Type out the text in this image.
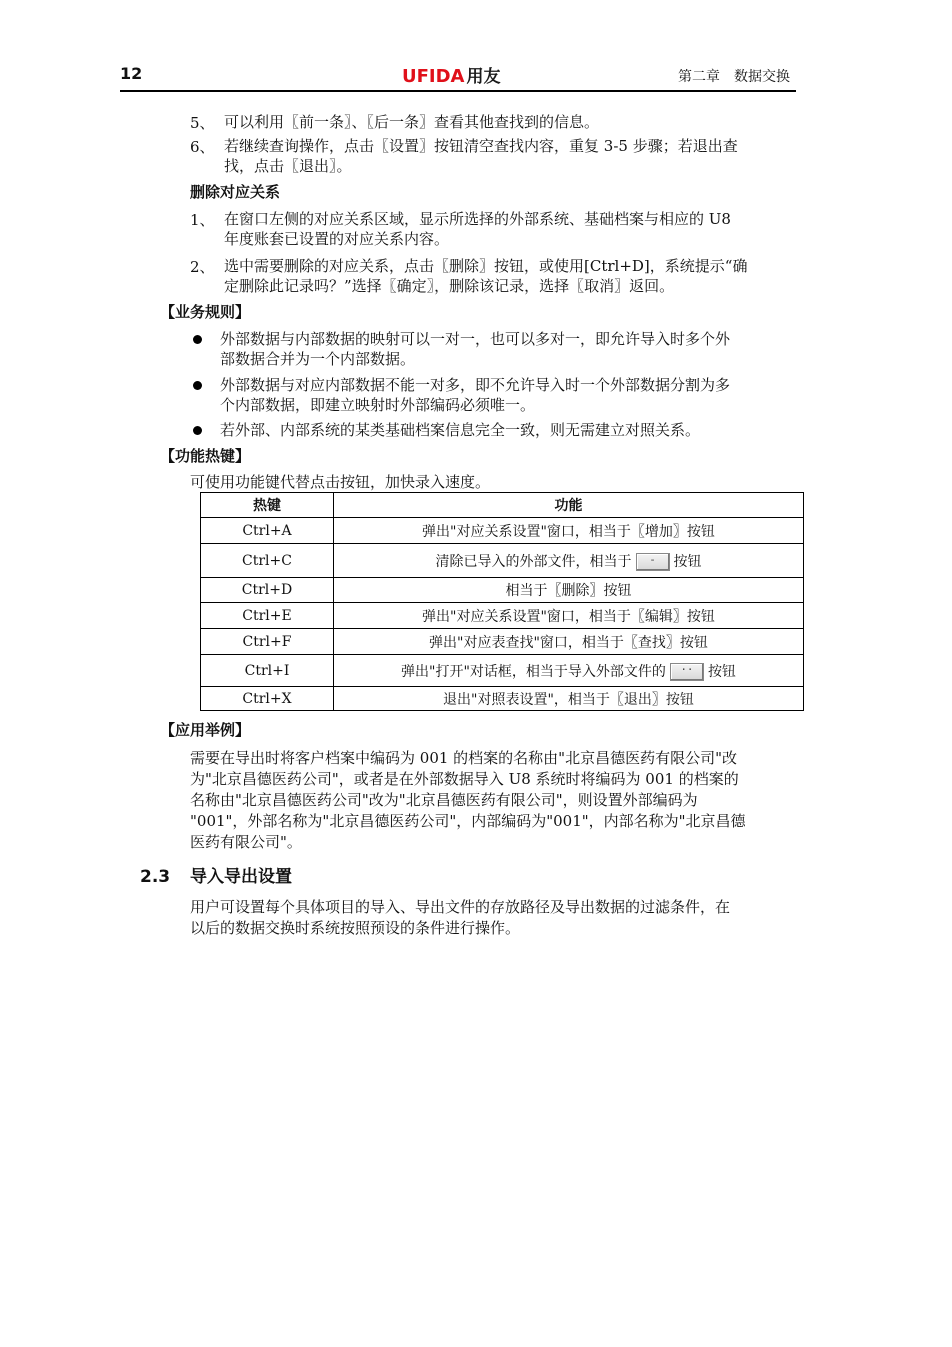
12	UFIDA 用友	第二章 数据交换
5、 可以利用〖前一条〗、〖后一条〗查看其他查找到的信息。
6、 若继续查询操作，点击〖设置〗按钮清空查找内容，重复 3-5 步骤；若退出查
找，点击〖退出〗。
删除对应关系
1、 在窗口左侧的对应关系区域，显示所选择的外部系统、基础档案与相应的 U8
年度账套已设置的对应关系内容。
2、 选中需要删除的对应关系，点击〖删除〗按钮，或使用[Ctrl+D]，系统提示“确
定删除此记录吗？”选择〖确定〗，删除该记录，选择〖取消〗返回。
【业务规则】
外部数据与内部数据的映射可以一对一，也可以多对一，即允许导入时多个外
部数据合并为一个内部数据。
外部数据与对应内部数据不能一对多，即不允许导入时一个外部数据分割为多
个内部数据，即建立映射时外部编码必须唯一。
若外部、内部系统的某类基础档案信息完全一致，则无需建立对照关系。
【功能热键】
可使用功能键代替点击按钮，加快录入速度。
热键	功能
Ctrl+A	弹出"对应关系设置"窗口，相当于〖增加〗按钮
Ctrl+C	清除已导入的外部文件，相当于 - 按钮
Ctrl+D	相当于〖删除〗按钮
Ctrl+E	弹出"对应关系设置"窗口，相当于〖编辑〗按钮
Ctrl+F	弹出"对应表查找"窗口，相当于〖查找〗按钮
Ctrl+I	弹出"打开"对话框，相当于导入外部文件的 ·· 按钮
Ctrl+X	退出"对照表设置"，相当于〖退出〗按钮
【应用举例】
需要在导出时将客户档案中编码为 001 的档案的名称由"北京昌德医药有限公司"改
为"北京昌德医药公司"，或者是在外部数据导入 U8 系统时将编码为 001 的档案的
名称由"北京昌德医药公司"改为"北京昌德医药有限公司"，则设置外部编码为
"001"，外部名称为"北京昌德医药公司"，内部编码为"001"，内部名称为"北京昌德
医药有限公司"。
2.3 导入导出设置
用户可设置每个具体项目的导入、导出文件的存放路径及导出数据的过滤条件，在
以后的数据交换时系统按照预设的条件进行操作。
